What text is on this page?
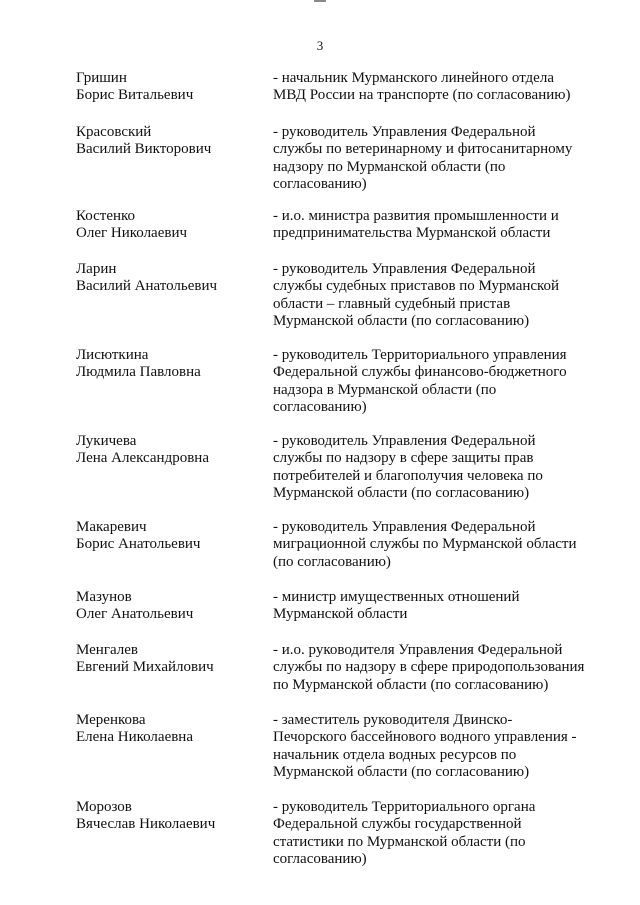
3
Гришин
Борис Витальевич
- начальник Мурманского линейного отдела
МВД России на транспорте (по согласованию)
Красовский
Василий Викторович
- руководитель Управления Федеральной
службы по ветеринарному и фитосанитарному
надзору по Мурманской области (по
согласованию)
Костенко
Олег Николаевич
- и.о. министра развития промышленности и
предпринимательства Мурманской области
Ларин
Василий Анатольевич
- руководитель Управления Федеральной
службы судебных приставов по Мурманской
области – главный судебный пристав
Мурманской области (по согласованию)
Лисюткина
Людмила Павловна
- руководитель Территориального управления
Федеральной службы финансово-бюджетного
надзора в Мурманской области (по
согласованию)
Лукичева
Лена Александровна
- руководитель Управления Федеральной
службы по надзору в сфере защиты прав
потребителей и благополучия человека по
Мурманской области (по согласованию)
Макаревич
Борис Анатольевич
- руководитель Управления Федеральной
миграционной службы по Мурманской области
(по согласованию)
Мазунов
Олег Анатольевич
- министр имущественных отношений
Мурманской области
Менгалев
Евгений Михайлович
- и.о. руководителя Управления Федеральной
службы по надзору в сфере природопользования
по Мурманской области (по согласованию)
Меренкова
Елена Николаевна
- заместитель руководителя Двинско-
Печорского бассейнового водного управления -
начальник отдела водных ресурсов по
Мурманской области (по согласованию)
Морозов
Вячеслав Николаевич
- руководитель Территориального органа
Федеральной службы государственной
статистики по Мурманской области (по
согласованию)
